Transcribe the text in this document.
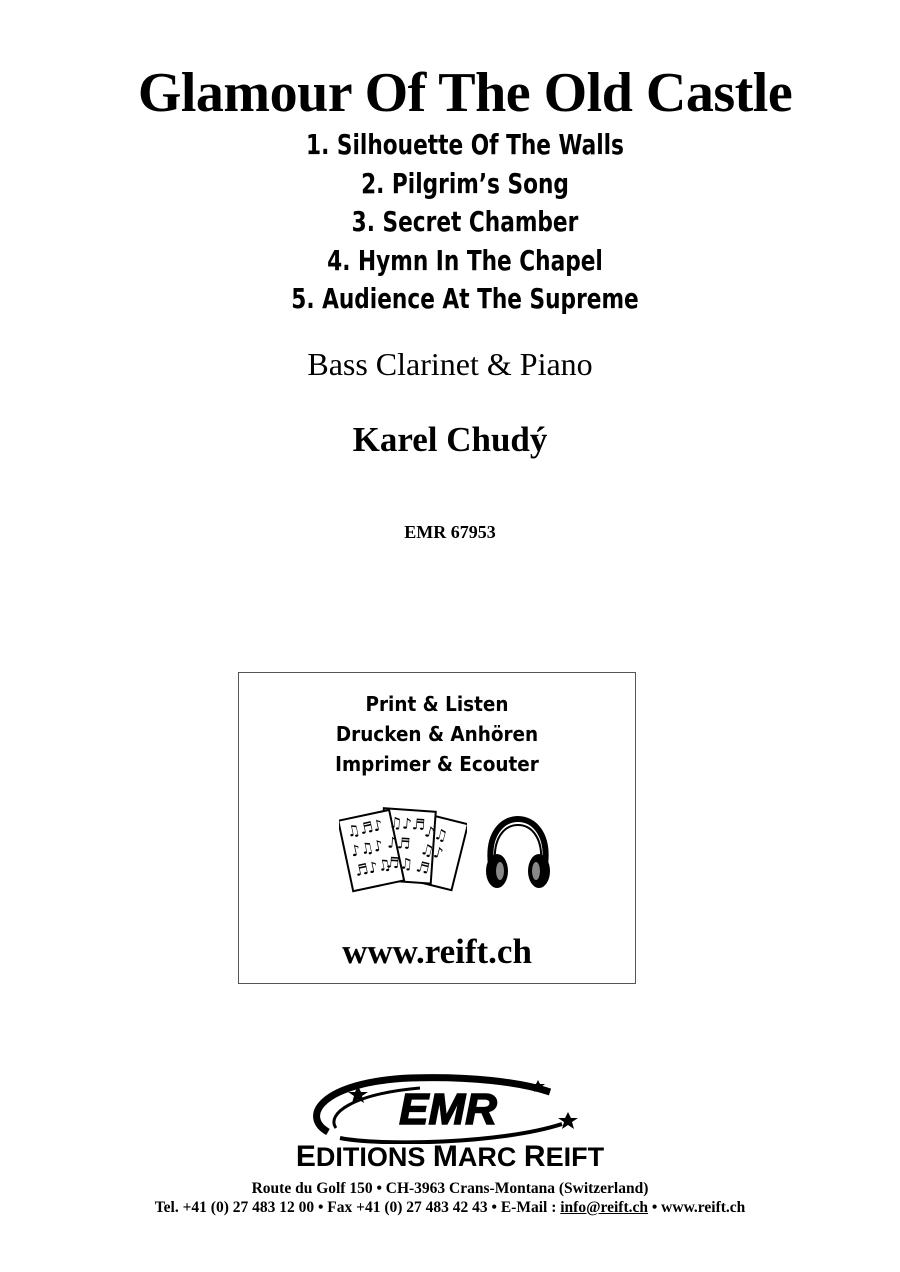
Glamour Of The Old Castle
1. Silhouette Of The Walls
2. Pilgrim’s Song
3. Secret Chamber
4. Hymn In The Chapel
5. Audience At The Supreme
Bass Clarinet & Piano
Karel Chudý
EMR 67953
Print & Listen
Drucken & Anhören
Imprimer & Ecouter
♫♬♪
♪♫♪
♬♪♫
♫♪♬
♪♬
♬♫
♪♫
♫♪
♬
www.reift.ch
EMR
EDITIONS MARC REIFT
Route du Golf 150 • CH-3963 Crans-Montana (Switzerland)
Tel. +41 (0) 27 483 12 00 • Fax +41 (0) 27 483 42 43 • E-Mail : info@reift.ch • www.reift.ch
